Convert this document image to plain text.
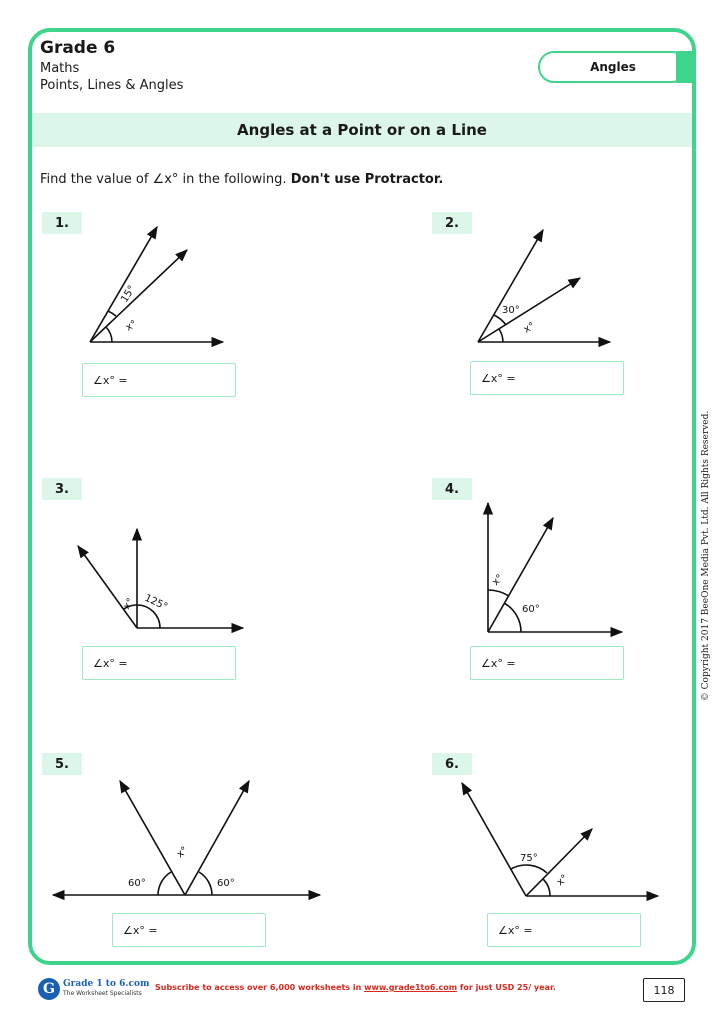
Grade 6
Maths
Points, Lines & Angles
Angles
Angles at a Point or on a Line
Find the value of ∠x° in the following. Don't use Protractor.
1.	2.
3.	4.
5.	6.
∠x° =	∠x° =
∠x° =	∠x° =
∠x° =	∠x° =
15°
x°
30°
x°
x° 125°
x°
60°
60°
x°
60°
75°
x°
© Copyright 2017 BeeOne Media Pvt. Ltd. All Rights Reserved.
G Grade 1 to 6.com
The Worksheet Specialists
Subscribe to access over 6,000 worksheets in www.grade1to6.com for just USD 25/ year.	118
